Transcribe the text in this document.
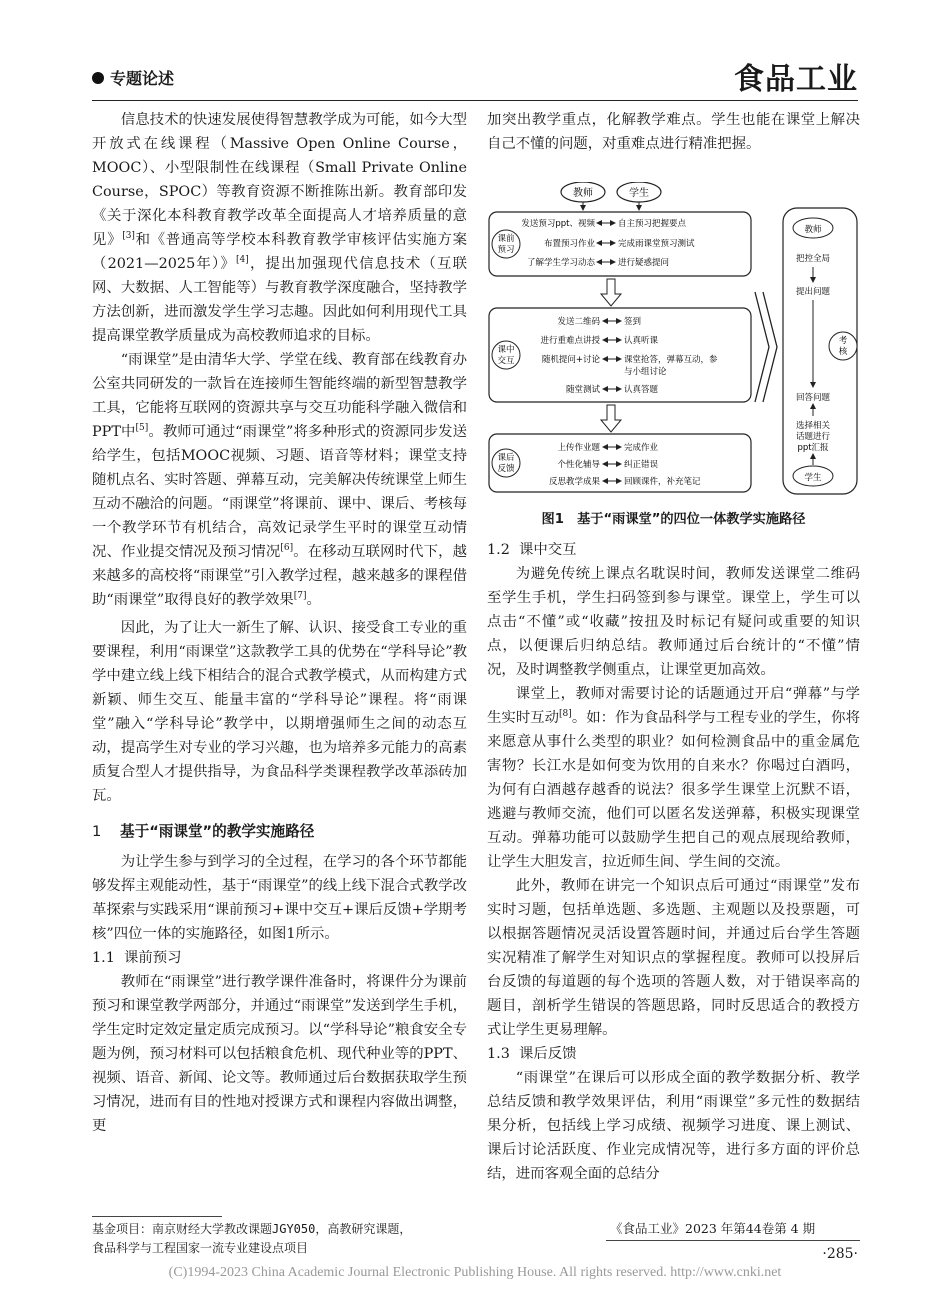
专题论述	食品工业

信息技术的快速发展使得智慧教学成为可能，如今大型开放式在线课程（Massive Open Online Course，MOOC）、小型限制性在线课程（Small Private Online Course，SPOC）等教育资源不断推陈出新。教育部印发《关于深化本科教育教学改革全面提高人才培养质量的意见》[3]和《普通高等学校本科教育教学审核评估实施方案（2021—2025年）》[4]，提出加强现代信息技术（互联网、大数据、人工智能等）与教育教学深度融合，坚持教学方法创新，进而激发学生学习志趣。因此如何利用现代工具提高课堂教学质量成为高校教师追求的目标。

“雨课堂”是由清华大学、学堂在线、教育部在线教育办公室共同研发的一款旨在连接师生智能终端的新型智慧教学工具，它能将互联网的资源共享与交互功能科学融入微信和PPT中[5]。教师可通过“雨课堂”将多种形式的资源同步发送给学生，包括MOOC视频、习题、语音等材料；课堂支持随机点名、实时答题、弹幕互动，完美解决传统课堂上师生互动不融洽的问题。“雨课堂”将课前、课中、课后、考核每一个教学环节有机结合，高效记录学生平时的课堂互动情况、作业提交情况及预习情况[6]。在移动互联网时代下，越来越多的高校将“雨课堂”引入教学过程，越来越多的课程借助“雨课堂”取得良好的教学效果[7]。

因此，为了让大一新生了解、认识、接受食工专业的重要课程，利用“雨课堂”这款教学工具的优势在“学科导论”教学中建立线上线下相结合的混合式教学模式，从而构建方式新颖、师生交互、能量丰富的“学科导论”课程。将“雨课堂”融入“学科导论”教学中，以期增强师生之间的动态互动，提高学生对专业的学习兴趣，也为培养多元能力的高素质复合型人才提供指导，为食品科学类课程教学改革添砖加瓦。

1 基于“雨课堂”的教学实施路径

为让学生参与到学习的全过程，在学习的各个环节都能够发挥主观能动性，基于“雨课堂”的线上线下混合式教学改革探索与实践采用“课前预习+课中交互+课后反馈+学期考核”四位一体的实施路径，如图1所示。

1.1 课前预习

教师在“雨课堂”进行教学课件准备时，将课件分为课前预习和课堂教学两部分，并通过“雨课堂”发送到学生手机，学生定时定效定量定质完成预习。以“学科导论”粮食安全专题为例，预习材料可以包括粮食危机、现代种业等的PPT、视频、语音、新闻、论文等。教师通过后台数据获取学生预习情况，进而有目的性地对授课方式和课程内容做出调整，更

加突出教学重点，化解教学难点。学生也能在课堂上解决自己不懂的问题，对重难点进行精准把握。

教师	学生
课前
预习
发送预习ppt、视频	自主预习把握要点
布置预习作业	完成雨课堂预习测试
了解学生学习动态	进行疑惑提问
课中
交互
发送二维码	签到
进行重难点讲授	认真听课
随机提问+讨论	课堂抢答，弹幕互动，参
与小组讨论
随堂测试	认真答题
课后
反馈
上传作业题	完成作业
个性化辅导	纠正错误
反思教学成果	回顾课件，补充笔记
教师
把控全局
提出问题
考
核
回答问题
选择相关
话题进行
ppt汇报
学生
图1　基于“雨课堂”的四位一体教学实施路径
1.2 课中交互

为避免传统上课点名耽误时间，教师发送课堂二维码至学生手机，学生扫码签到参与课堂。课堂上，学生可以点击“不懂”或“收藏”按扭及时标记有疑问或重要的知识点，以便课后归纳总结。教师通过后台统计的“不懂”情况，及时调整教学侧重点，让课堂更加高效。

课堂上，教师对需要讨论的话题通过开启“弹幕”与学生实时互动[8]。如：作为食品科学与工程专业的学生，你将来愿意从事什么类型的职业？如何检测食品中的重金属危害物？长江水是如何变为饮用的自来水？你喝过白酒吗，为何有白酒越存越香的说法？很多学生课堂上沉默不语，逃避与教师交流，他们可以匿名发送弹幕，积极实现课堂互动。弹幕功能可以鼓励学生把自己的观点展现给教师，让学生大胆发言，拉近师生间、学生间的交流。

此外，教师在讲完一个知识点后可通过“雨课堂”发布实时习题，包括单选题、多选题、主观题以及投票题，可以根据答题情况灵活设置答题时间，并通过后台学生答题实况精准了解学生对知识点的掌握程度。教师可以投屏后台反馈的每道题的每个选项的答题人数，对于错误率高的题目，剖析学生错误的答题思路，同时反思适合的教授方式让学生更易理解。

1.3 课后反馈

“雨课堂”在课后可以形成全面的教学数据分析、教学总结反馈和教学效果评估，利用“雨课堂”多元性的数据结果分析，包括线上学习成绩、视频学习进度、课上测试、课后讨论活跃度、作业完成情况等，进行多方面的评价总结，进而客观全面的总结分

基金项目：南京财经大学教改课题JGY050，高教研究课题，
食品科学与工程国家一流专业建设点项目
《食品工业》2023 年第44卷第 4 期
·285·
(C)1994-2023 China Academic Journal Electronic Publishing House. All rights reserved. http://www.cnki.net
